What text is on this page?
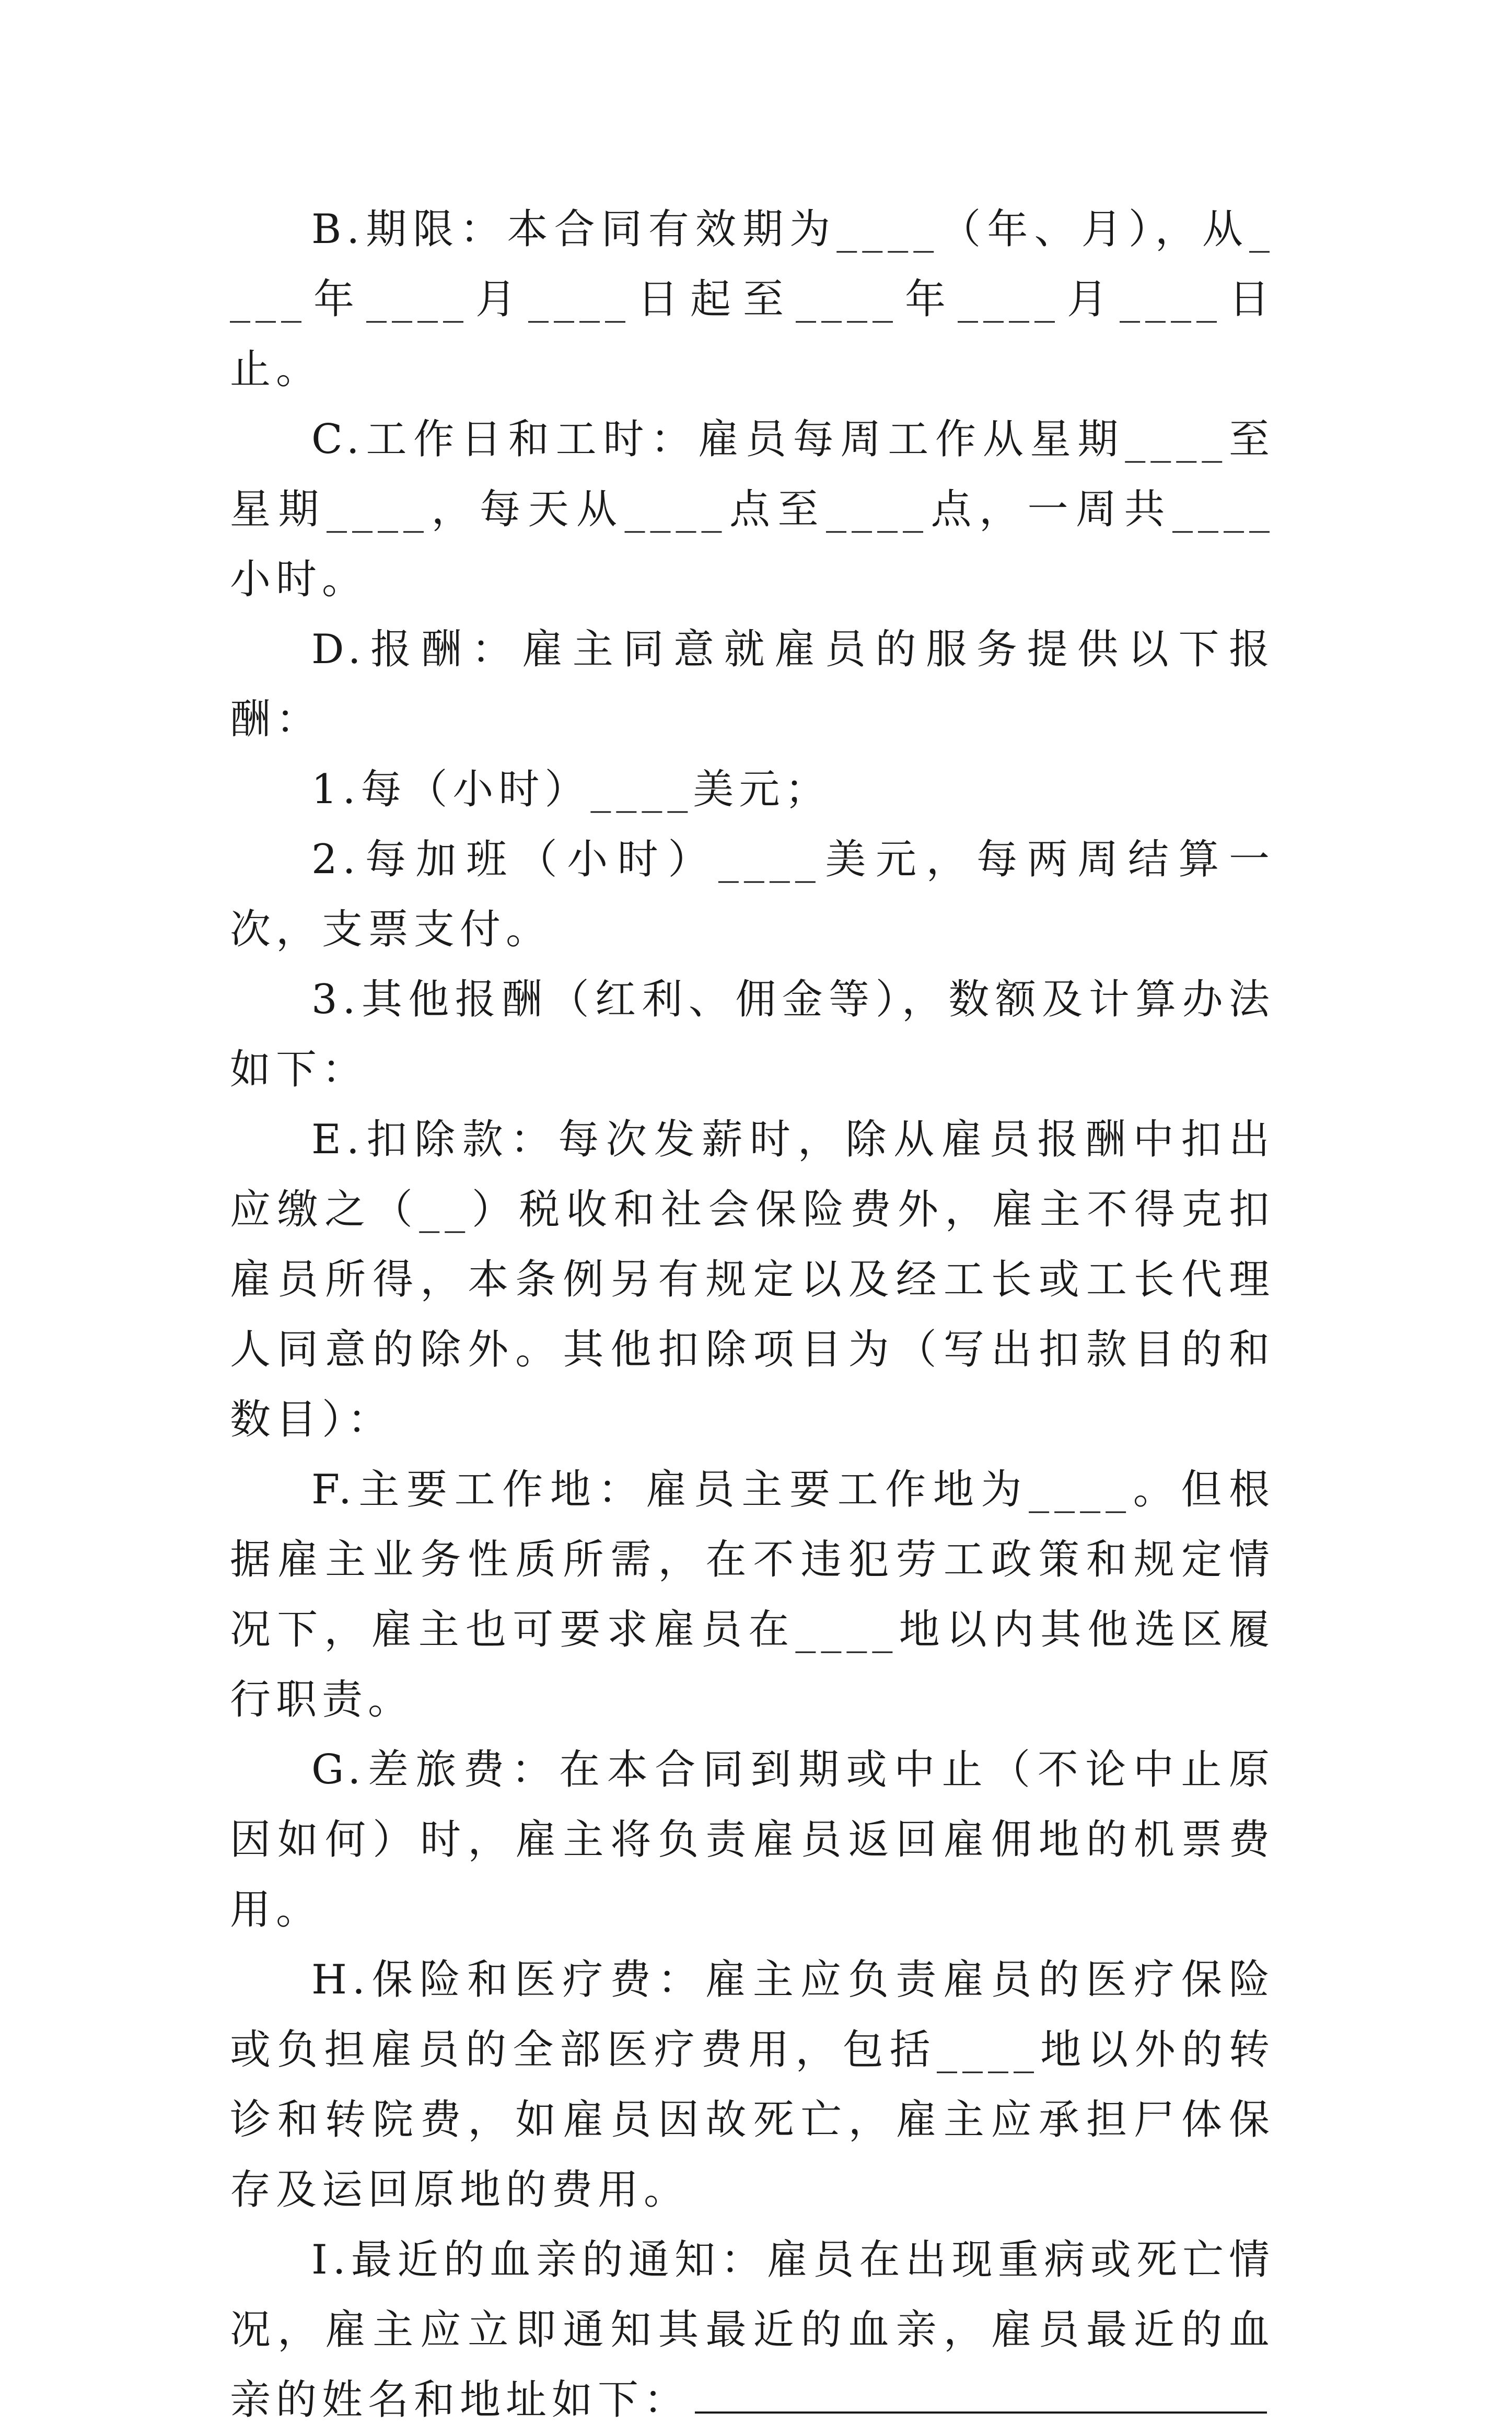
B.期限：本合同有效期为____（年、月），从____年____月____日起至____年____月____日止。

C.工作日和工时：雇员每周工作从星期____至星期____，每天从____点至____点，一周共____小时。

D.报酬：雇主同意就雇员的服务提供以下报酬：

1.每（小时）____美元；

2.每加班（小时）____美元，每两周结算一次，支票支付。

3.其他报酬（红利、佣金等），数额及计算办法如下：

E.扣除款：每次发薪时，除从雇员报酬中扣出应缴之（__）税收和社会保险费外，雇主不得克扣雇员所得，本条例另有规定以及经工长或工长代理人同意的除外。其他扣除项目为（写出扣款目的和数目）：

F.主要工作地：雇员主要工作地为____。但根据雇主业务性质所需，在不违犯劳工政策和规定情况下，雇主也可要求雇员在____地以内其他选区履行职责。

G.差旅费：在本合同到期或中止（不论中止原因如何）时，雇主将负责雇员返回雇佣地的机票费用。

H.保险和医疗费：雇主应负责雇员的医疗保险或负担雇员的全部医疗费用，包括____地以外的转诊和转院费，如雇员因故死亡，雇主应承担尸体保存及运回原地的费用。

I.最近的血亲的通知：雇员在出现重病或死亡情况，雇主应立即通知其最近的血亲，雇员最近的血亲的姓名和地址如下：
